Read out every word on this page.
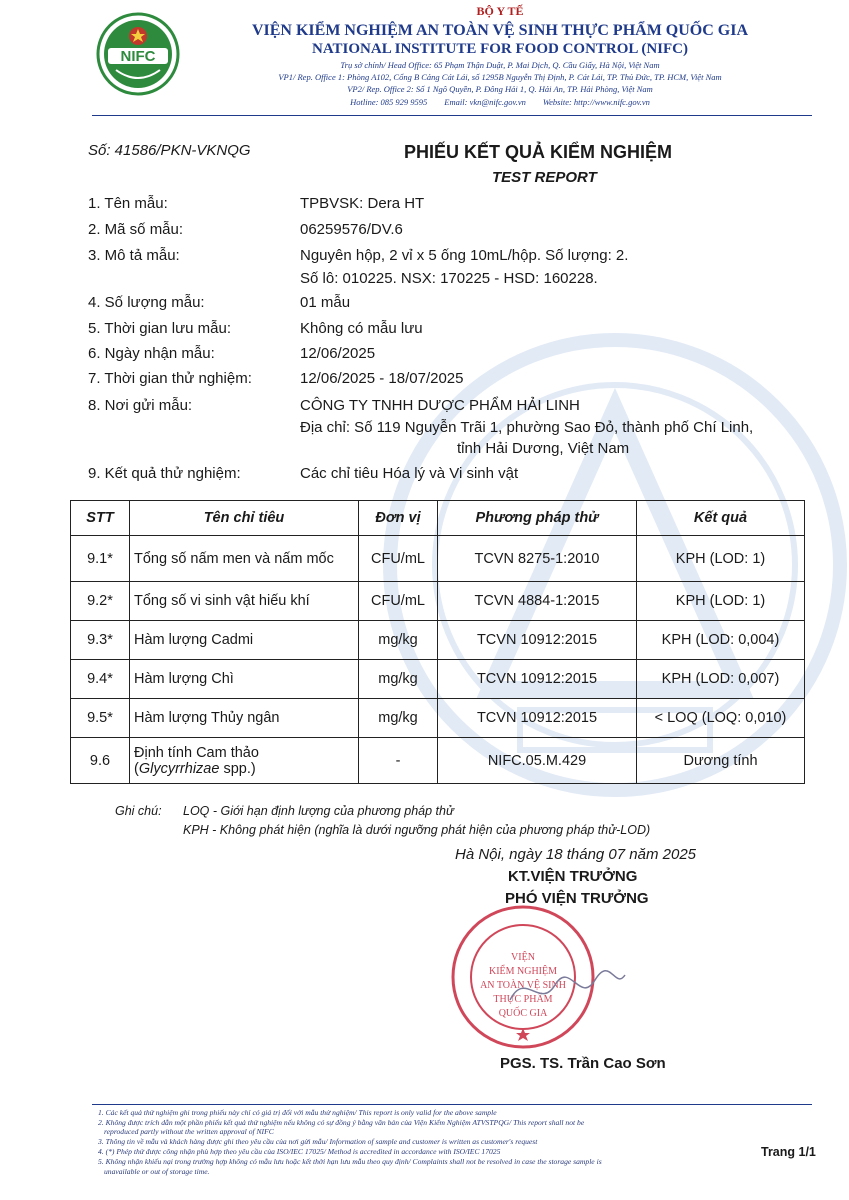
NIFC
BỘ Y TẾ
VIỆN KIỂM NGHIỆM AN TOÀN VỆ SINH THỰC PHẨM QUỐC GIA
NATIONAL INSTITUTE FOR FOOD CONTROL (NIFC)
Trụ sở chính/ Head Office: 65 Phạm Thận Duật, P. Mai Dịch, Q. Cầu Giấy, Hà Nội, Việt Nam
VP1/ Rep. Office 1: Phòng A102, Cổng B Cảng Cát Lái, số 1295B Nguyễn Thị Định, P. Cát Lái, TP. Thủ Đức, TP. HCM, Việt Nam
VP2/ Rep. Office 2: Số 1 Ngô Quyền, P. Đông Hải 1, Q. Hải An, TP. Hải Phòng, Việt Nam
Hotline: 085 929 9595        Email: vkn@nifc.gov.vn        Website: http://www.nifc.gov.vn
Số: 41586/PKN-VKNQG	PHIẾU KẾT QUẢ KIỂM NGHIỆM
TEST REPORT
1. Tên mẫu:	TPBVSK: Dera HT
2. Mã số mẫu:	06259576/DV.6
3. Mô tả mẫu:	Nguyên hộp, 2 vỉ x 5 ống 10mL/hộp. Số lượng: 2.
Số lô: 010225. NSX: 170225 - HSD: 160228.
4. Số lượng mẫu:	01 mẫu
5. Thời gian lưu mẫu:	Không có mẫu lưu
6. Ngày nhận mẫu:	12/06/2025
7. Thời gian thử nghiệm:	12/06/2025 - 18/07/2025
8. Nơi gửi mẫu:	CÔNG TY TNHH DƯỢC PHẨM HẢI LINH
Địa chỉ: Số 119 Nguyễn Trãi 1, phường Sao Đỏ, thành phố Chí Linh,
tỉnh Hải Dương, Việt Nam
9. Kết quả thử nghiệm:	Các chỉ tiêu Hóa lý và Vi sinh vật
STT	Tên chỉ tiêu	Đơn vị	Phương pháp thử	Kết quả
9.1*	Tổng số nấm men và nấm mốc	CFU/mL	TCVN 8275-1:2010	KPH (LOD: 1)
9.2*	Tổng số vi sinh vật hiếu khí	CFU/mL	TCVN 4884-1:2015	KPH (LOD: 1)
9.3*	Hàm lượng Cadmi	mg/kg	TCVN 10912:2015	KPH (LOD: 0,004)
9.4*	Hàm lượng Chì	mg/kg	TCVN 10912:2015	KPH (LOD: 0,007)
9.5*	Hàm lượng Thủy ngân	mg/kg	TCVN 10912:2015	< LOQ (LOQ: 0,010)
9.6	Định tính Cam thảo
(Glycyrrhizae spp.)	-	NIFC.05.M.429	Dương tính
Ghi chú: LOQ - Giới hạn định lượng của phương pháp thử
KPH - Không phát hiện (nghĩa là dưới ngưỡng phát hiện của phương pháp thử-LOD)
Hà Nội, ngày 18 tháng 07 năm 2025
KT.VIỆN TRƯỞNG
PHÓ VIỆN TRƯỞNG
VIỆN
KIỂM NGHIỆM
AN TOÀN VỆ SINH
THỰC PHẨM
QUỐC GIA
PGS. TS. Trần Cao Sơn
1. Các kết quả thử nghiệm ghi trong phiếu này chỉ có giá trị đối với mẫu thử nghiệm/ This report is only valid for the above sample
2. Không được trích dẫn một phần phiếu kết quả thử nghiệm nếu không có sự đồng ý bằng văn bản của Viện Kiểm Nghiệm ATVSTPQG/ This report shall not be
reproduced partly without the written approval of NIFC
3. Thông tin về mẫu và khách hàng được ghi theo yêu cầu của nơi gửi mẫu/ Information of sample and customer is written as customer's request
4. (*) Phép thử được công nhận phù hợp theo yêu cầu của ISO/IEC 17025/ Method is accredited in accordance with ISO/IEC 17025
5. Không nhận khiếu nại trong trường hợp không có mẫu lưu hoặc kết thời hạn lưu mẫu theo quy định/ Complaints shall not be resolved in case the storage sample is
unavailable or out of storage time.
Trang 1/1
